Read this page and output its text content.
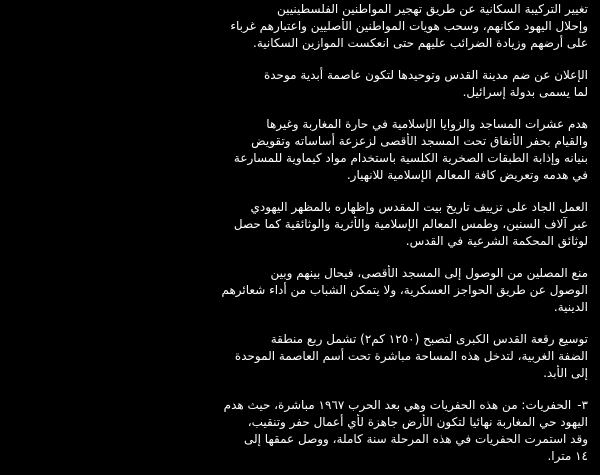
تغيير التركيبة السكانية عن طريق تهجير المواطنين الفلسطينيين
وإحلال اليهود مكانهم، وسحب هويات المواطنين الأصليين واعتبارهم غرباء
على أرضهم وزيادة الضرائب عليهم حتى انعكست الموازين السكانية.
الإعلان عن ضم مدينة القدس وتوحيدها لتكون عاصمة أبدية موحدة
لما يسمى بدولة إسرائيل.
هدم عشرات المساجد والزوايا الإسلامية في حارة المغاربة وغيرها
والقيام بحفر الأنفاق تحت المسجد الأقصى لزعزعة أساساته وتقويض
بنيانه وإذابة الطبقات الصخرية الكلسية باستخدام مواد كيماوية للمسارعة
في هدمه وتعريض كافة المعالم الإسلامية للانهيار.
العمل الجاد على تزييف تاريخ بيت المقدس وإظهاره بالمظهر اليهودي
عبر آلاف السنين، وطمس المعالم الإسلامية والأثرية والوثائقية كما حصل
لوثائق المحكمة الشرعية في القدس.
منع المصلين من الوصول إلى المسجد الأقصى، فيحال بينهم وبين
الوصول عن طريق الحواجز العسكرية، ولا يتمكن الشباب من أداء شعائرهم
الدينية.
توسيع رقعة القدس الكبرى لتصبح (١٢٥٠ كم٢) تشمل ربع منطقة
الضفة الغربية، لتدخل هذه المساحة مباشرة تحت أسم العاصمة الموحدة
إلى الأبد.
٣-الحفريات: من هذه الحفريات وهي بعد الحرب ١٩٦٧ مباشرة، حيث هدم
اليهود حي المغاربة نهائيا لتكون الأرض جاهزة لأي أعمال حفر وتنقيب،
وقد استمرت الحفريات في هذه المرحلة سنة كاملة، ووصل عمقها إلى
١٤ مترا.
